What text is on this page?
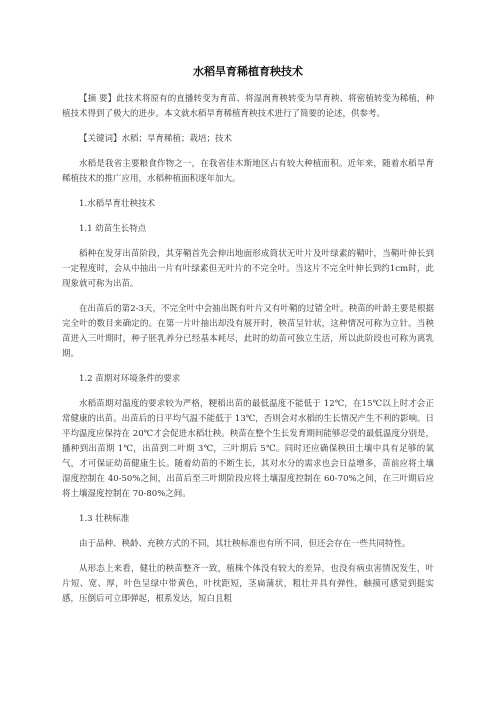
水稻旱育稀植育秧技术

【摘 要】此技术将原有的直播转变为育苗、将湿润育秧转变为旱育秧、将密植转变为稀植，种植技术得到了极大的进步。本文就水稻旱育稀植育秧技术进行了简要的论述，供参考。

【关键词】水稻；旱育稀植；栽培；技术

水稻是我省主要粮食作物之一，在我省佳木斯地区占有较大种植面积。近年来，随着水稻旱育稀植技术的推广应用，水稻种植面积逐年加大。

1.水稻旱育壮秧技术

1.1 幼苗生长特点

稻种在发芽出苗阶段，其芽鞘首先会伸出地面形成筒状无叶片及叶绿素的鞘叶，当鞘叶伸长到一定程度时，会从中抽出一片有叶绿素但无叶片的不完全叶。当这片不完全叶伸长到约1cm时，此现象就可称为出苗。

在出苗后的第2-3天，不完全叶中会抽出既有叶片又有叶鞘的过错全叶。秧苗的叶龄主要是根据完全叶的数目来确定的。在第一片叶抽出却没有展开时，秧苗呈针状，这种情况可称为立针。当秧苗进入三叶期时，种子胚乳养分已经基本耗尽，此时的幼苗可独立生活，所以此阶段也可称为离乳期。

1.2 苗期对环境条件的要求

水稻苗期对温度的要求较为严格，粳稻出苗的最低温度不能低于 12℃，在15℃以上时才会正常健康的出苗。出苗后的日平均气温不能低于 13℃，否则会对水稻的生长情况产生不利的影响。日平均温度应保持在 20℃才会促进水稻壮秧。秧苗在整个生长发育期间能够忍受的最低温度分别是，播种到出苗期 1℃，出苗到二叶期 3℃，三叶期后 5℃。同时还应确保秧田土壤中具有足够的氧气，才可保证幼苗健康生长。随着幼苗的不断生长，其对水分的需求也会日益增多，苗前应将土壤湿度控制在 40-50%之间，出苗后至三叶期阶段应将土壤湿度控制在 60-70%之间，在三叶期后应将土壤湿度控制在 70-80%之间。

1.3 壮秧标准

由于品种、秧龄、充秧方式的不同，其壮秧标准也有所不同，但还会存在一些共同特性。

从形态上来看，健壮的秧苗整齐一致，植株个体没有较大的差异，也没有病虫害情况发生，叶片短、宽、厚，叶色呈绿中带黄色，叶枕距短，茎扁蒲状，粗壮并具有弹性，触摸可感觉到挺实感，压倒后可立即弹起，根系发达，短白且粗
